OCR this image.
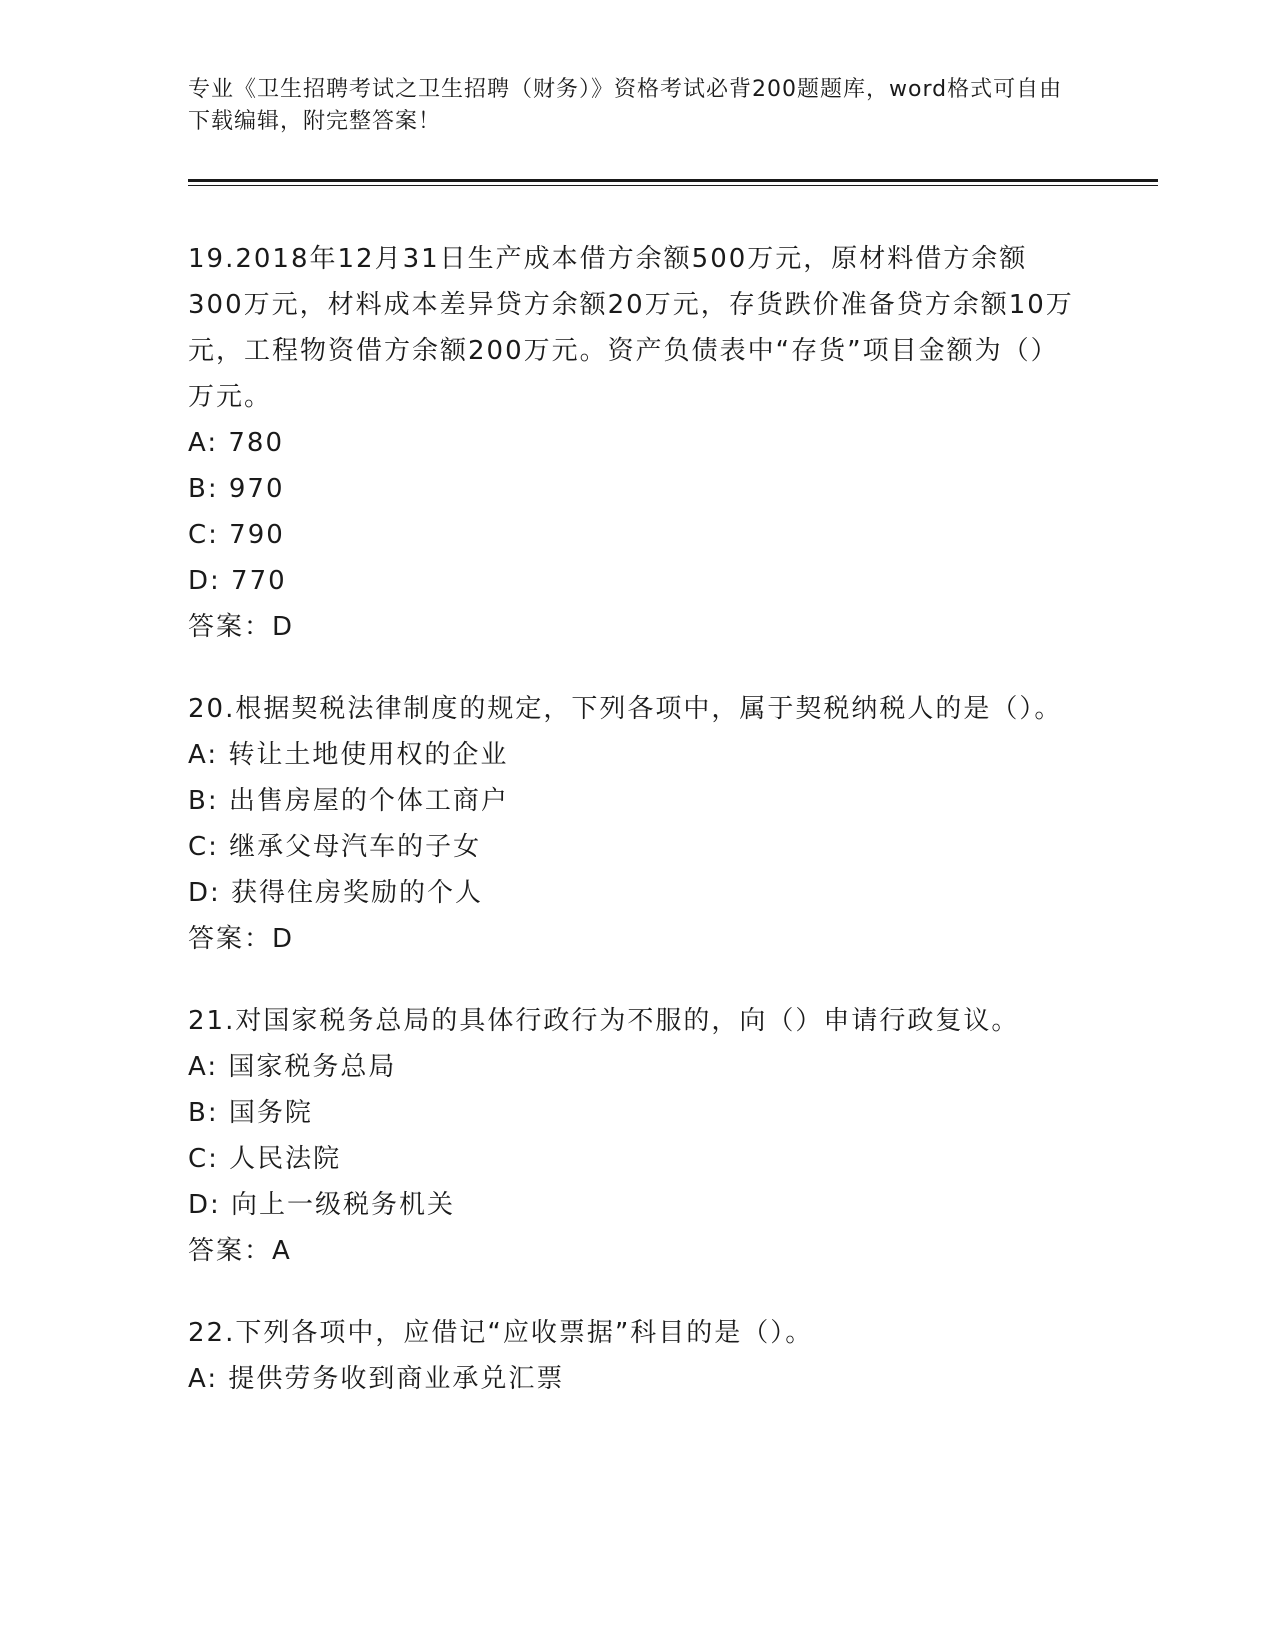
专业《卫生招聘考试之卫生招聘（财务）》资格考试必背200题题库，word格式可自由下载编辑，附完整答案！
19.2018年12月31日生产成本借方余额500万元，原材料借方余额300万元，材料成本差异贷方余额20万元，存货跌价准备贷方余额10万元，工程物资借方余额200万元。资产负债表中“存货”项目金额为（）万元。
A: 780
B: 970
C: 790
D: 770
答案：D
20.根据契税法律制度的规定，下列各项中，属于契税纳税人的是（）。
A: 转让土地使用权的企业
B: 出售房屋的个体工商户
C: 继承父母汽车的子女
D: 获得住房奖励的个人
答案：D
21.对国家税务总局的具体行政行为不服的，向（）申请行政复议。
A: 国家税务总局
B: 国务院
C: 人民法院
D: 向上一级税务机关
答案：A
22.下列各项中，应借记“应收票据”科目的是（）。
A: 提供劳务收到商业承兑汇票
